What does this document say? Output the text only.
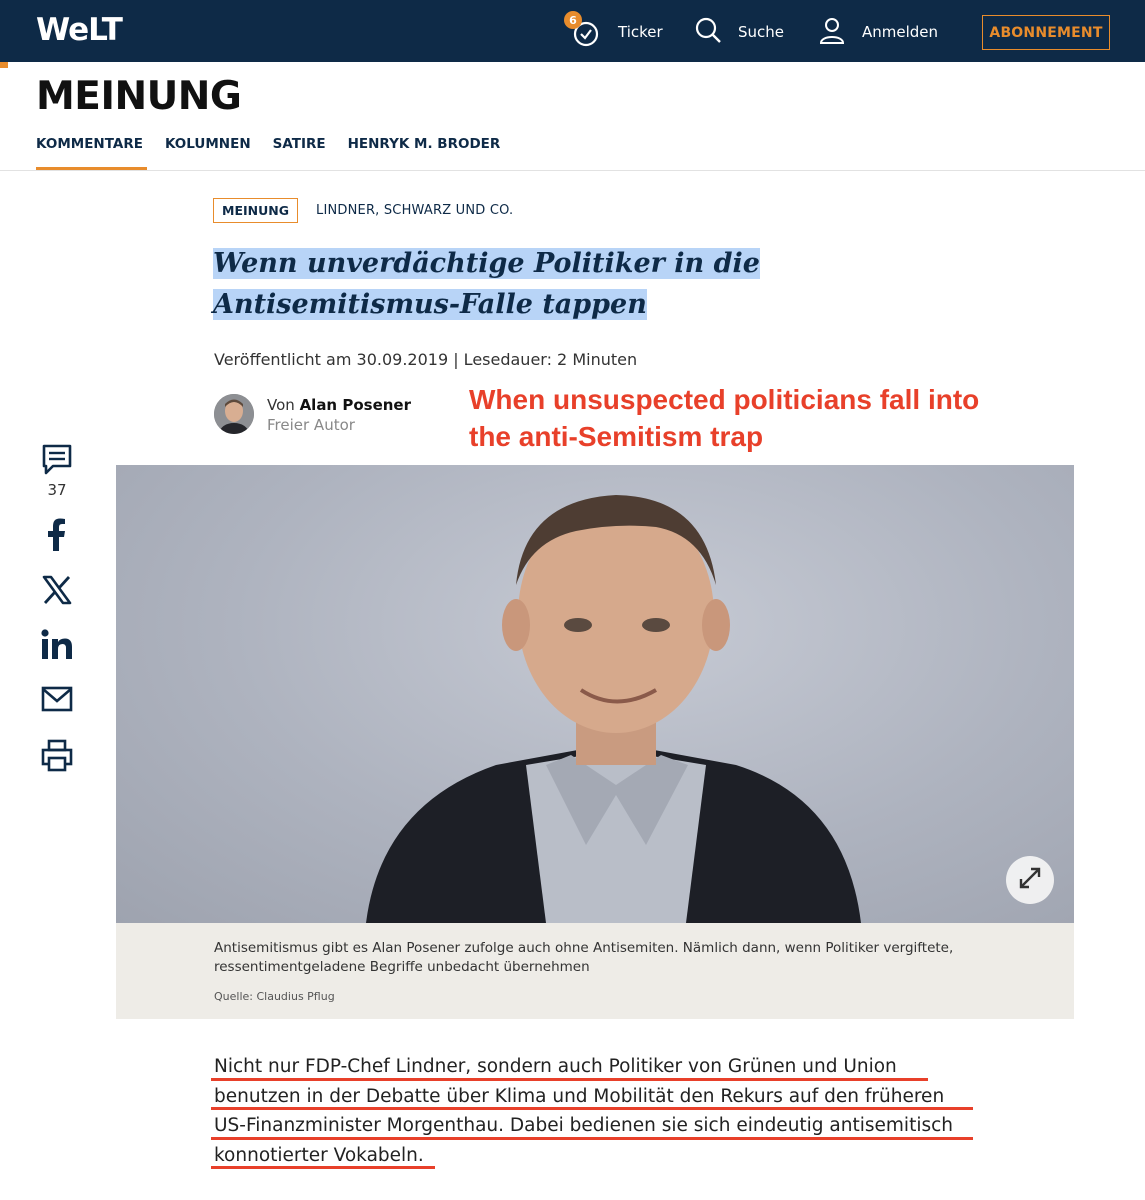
WeLT	6
Ticker	Suche	Anmelden	ABONNEMENT
MEINUNG
KOMMENTARE KOLUMNEN SATIRE HENRYK M. BRODER
MEINUNG	LINDNER, SCHWARZ UND CO.
Wenn unverdächtige Politiker in die Antisemitismus-Falle tappen
Veröffentlicht am 30.09.2019 | Lesedauer: 2 Minuten
Von Alan Posener
Freier Autor
When unsuspected politicians fall into the anti-Semitism trap
37
Antisemitismus gibt es Alan Posener zufolge auch ohne Antisemiten. Nämlich dann, wenn Politiker vergiftete, ressentimentgeladene Begriffe unbedacht übernehmen
Quelle: Claudius Pflug
Nicht nur FDP-Chef Lindner, sondern auch Politiker von Grünen und Union
benutzen in der Debatte über Klima und Mobilität den Rekurs auf den früheren
US-Finanzminister Morgenthau. Dabei bedienen sie sich eindeutig antisemitisch
konnotierter Vokabeln.
